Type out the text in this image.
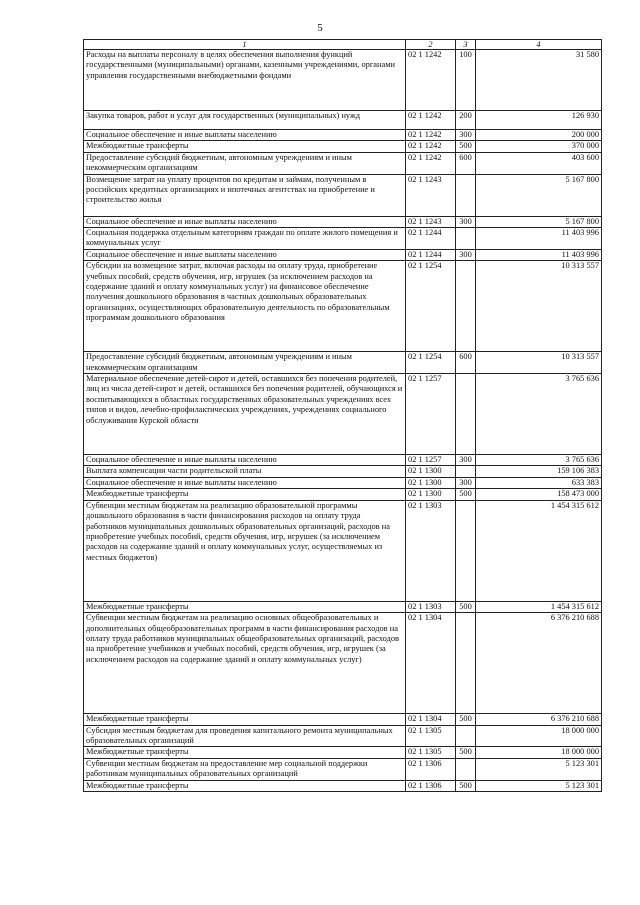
5
1	2	3	4
Расходы на выплаты персоналу в целях обеспечения выполнения функций государственными (муниципальными) органами, казенными учреждениями, органами управления государственными внебюджетными фондами	02 1 1242	100	31 580
Закупка товаров, работ и услуг для государственных (муниципальных) нужд	02 1 1242	200	126 930
Социальное обеспечение и иные выплаты населению	02 1 1242	300	200 000
Межбюджетные трансферты	02 1 1242	500	370 000
Предоставление субсидий бюджетным, автономным учреждениям и иным некоммерческим организациям	02 1 1242	600	403 600
Возмещение затрат на уплату процентов по кредитам и займам, полученным в российских кредитных организациях и ипотечных агентствах на приобретение и строительство жилья	02 1 1243		5 167 800
Социальное обеспечение и иные выплаты населению	02 1 1243	300	5 167 800
Социальная поддержка отдельным категориям граждан по оплате жилого помещения и коммунальных услуг	02 1 1244		11 403 996
Социальное обеспечение и иные выплаты населению	02 1 1244	300	11 403 996
Субсидии на возмещение затрат, включая расходы на оплату труда, приобретение учебных пособий, средств обучения, игр, игрушек (за исключением расходов на содержание зданий и оплату коммунальных услуг) на финансовое обеспечение получения дошкольного образования в частных дошкольных образовательных организациях, осуществляющих образовательную деятельность по образовательным программам дошкольного образования	02 1 1254		10 313 557
Предоставление субсидий бюджетным, автономным учреждениям и иным некоммерческим организациям	02 1 1254	600	10 313 557
Материальное обеспечение детей-сирот и детей, оставшихся без попечения родителей, лиц из числа детей-сирот и детей, оставшихся без попечения родителей, обучающихся и воспитывающихся в областных государственных образовательных учреждениях всех типов и видов, лечебно-профилактических учреждениях, учреждениях социального обслуживания Курской области	02 1 1257		3 765 636
Социальное обеспечение и иные выплаты населению	02 1 1257	300	3 765 636
Выплата компенсации части родительской платы	02 1 1300		159 106 383
Социальное обеспечение и иные выплаты населению	02 1 1300	300	633 383
Межбюджетные трансферты	02 1 1300	500	158 473 000
Субвенции местным бюджетам на реализацию образовательной программы дошкольного образования в части финансирования расходов на оплату труда работников муниципальных дошкольных образовательных организаций, расходов на приобретение учебных пособий, средств обучения, игр, игрушек (за исключением расходов на содержание зданий и оплату коммунальных услуг, осуществляемых из местных бюджетов)	02 1 1303		1 454 315 612
Межбюджетные трансферты	02 1 1303	500	1 454 315 612
Субвенции местным бюджетам на реализацию основных общеобразовательных и дополнительных общеобразовательных программ в части финансирования расходов на оплату труда работников муниципальных общеобразовательных организаций, расходов на приобретение учебников и учебных пособий, средств обучения, игр, игрушек (за исключением расходов на содержание зданий и оплату коммунальных услуг)	02 1 1304		6 376 210 688
Межбюджетные трансферты	02 1 1304	500	6 376 210 688
Субсидия местным бюджетам для проведения капитального ремонта муниципальных образовательных организаций	02 1 1305		18 000 000
Межбюджетные трансферты	02 1 1305	500	18 000 000
Субвенции местным бюджетам на предоставление мер социальной поддержки работникам муниципальных образовательных организаций	02 1 1306		5 123 301
Межбюджетные трансферты	02 1 1306	500	5 123 301
